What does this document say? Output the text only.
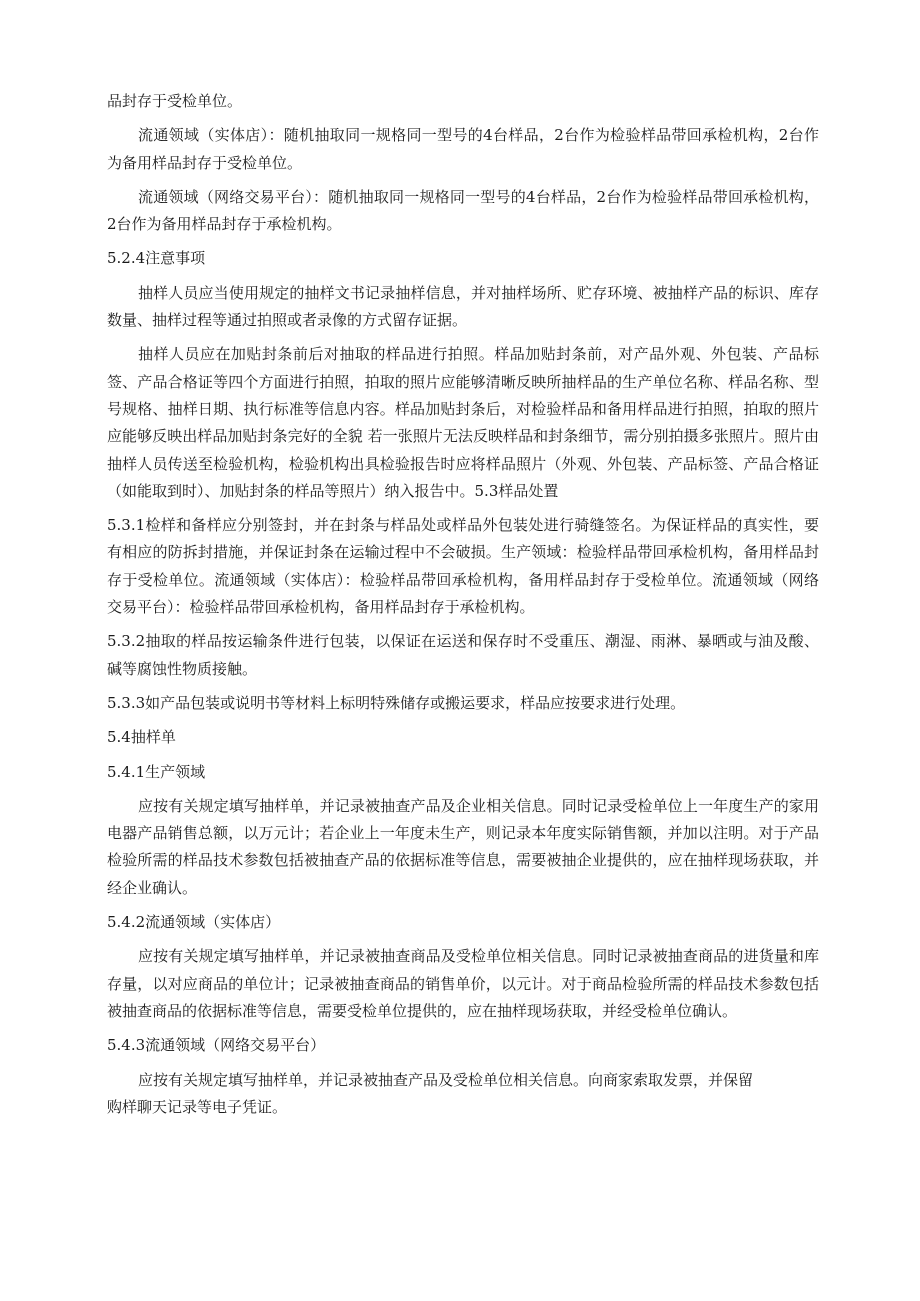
品封存于受检单位。

流通领域（实体店）：随机抽取同一规格同一型号的4台样品，2台作为检验样品带回承检机构，2台作为备用样品封存于受检单位。

流通领域（网络交易平台）：随机抽取同一规格同一型号的4台样品，2台作为检验样品带回承检机构，2台作为备用样品封存于承检机构。

5.2.4注意事项

抽样人员应当使用规定的抽样文书记录抽样信息，并对抽样场所、贮存环境、被抽样产品的标识、库存数量、抽样过程等通过拍照或者录像的方式留存证据。

抽样人员应在加贴封条前后对抽取的样品进行拍照。样品加贴封条前，对产品外观、外包装、产品标签、产品合格证等四个方面进行拍照，拍取的照片应能够清晰反映所抽样品的生产单位名称、样品名称、型号规格、抽样日期、执行标准等信息内容。样品加贴封条后，对检验样品和备用样品进行拍照，拍取的照片应能够反映出样品加贴封条完好的全貌 若一张照片无法反映样品和封条细节，需分别拍摄多张照片。照片由抽样人员传送至检验机构，检验机构出具检验报告时应将样品照片（外观、外包装、产品标签、产品合格证（如能取到时）、加贴封条的样品等照片）纳入报告中。5.3样品处置

5.3.1检样和备样应分别签封，并在封条与样品处或样品外包装处进行骑缝签名。为保证样品的真实性，要有相应的防拆封措施，并保证封条在运输过程中不会破损。生产领域：检验样品带回承检机构，备用样品封存于受检单位。流通领域（实体店）：检验样品带回承检机构，备用样品封存于受检单位。流通领域（网络交易平台）：检验样品带回承检机构，备用样品封存于承检机构。

5.3.2抽取的样品按运输条件进行包装，以保证在运送和保存时不受重压、潮湿、雨淋、暴晒或与油及酸、碱等腐蚀性物质接触。

5.3.3如产品包装或说明书等材料上标明特殊储存或搬运要求，样品应按要求进行处理。

5.4抽样单

5.4.1生产领域

应按有关规定填写抽样单，并记录被抽查产品及企业相关信息。同时记录受检单位上一年度生产的家用电器产品销售总额，以万元计；若企业上一年度未生产，则记录本年度实际销售额，并加以注明。对于产品检验所需的样品技术参数包括被抽查产品的依据标准等信息，需要被抽企业提供的，应在抽样现场获取，并经企业确认。

5.4.2流通领域（实体店）

应按有关规定填写抽样单，并记录被抽查商品及受检单位相关信息。同时记录被抽查商品的进货量和库存量，以对应商品的单位计；记录被抽查商品的销售单价，以元计。对于商品检验所需的样品技术参数包括被抽查商品的依据标准等信息，需要受检单位提供的，应在抽样现场获取，并经受检单位确认。

5.4.3流通领域（网络交易平台）

应按有关规定填写抽样单，并记录被抽查产品及受检单位相关信息。向商家索取发票，并保留
购样聊天记录等电子凭证。
